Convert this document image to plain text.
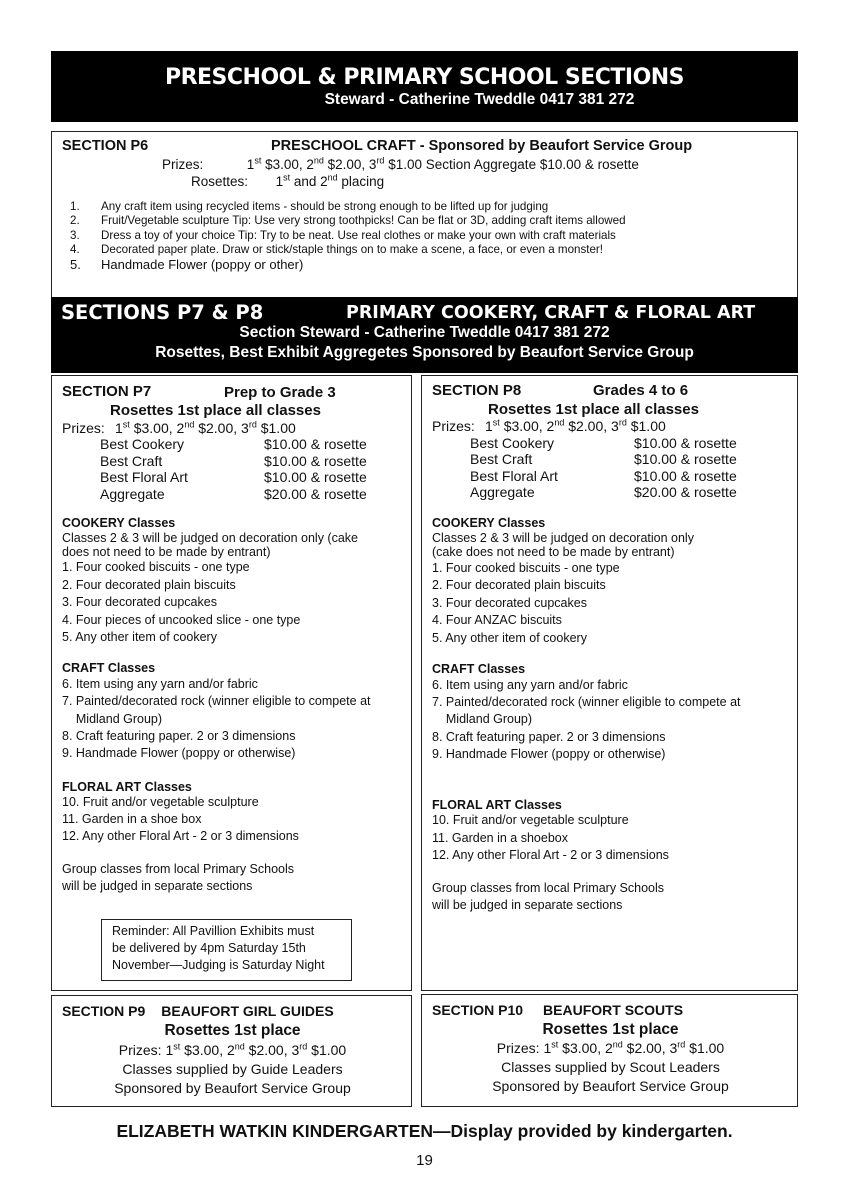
PRESCHOOL & PRIMARY SCHOOL SECTIONS
Steward - Catherine Tweddle 0417 381 272
SECTION P6	PRESCHOOL CRAFT - Sponsored by Beaufort Service Group
Prizes:	1st $3.00, 2nd $2.00, 3rd $1.00 Section Aggregate $10.00 & rosette
Rosettes: 1st and 2nd placing
1.	Any craft item using recycled items - should be strong enough to be lifted up for judging
2.	Fruit/Vegetable sculpture Tip: Use very strong toothpicks! Can be flat or 3D, adding craft items allowed
3.	Dress a toy of your choice Tip: Try to be neat. Use real clothes or make your own with craft materials
4.	Decorated paper plate. Draw or stick/staple things on to make a scene, a face, or even a monster!
5.	Handmade Flower (poppy or other)
SECTIONS P7 & P8	PRIMARY COOKERY, CRAFT & FLORAL ART
Section Steward - Catherine Tweddle 0417 381 272
Rosettes, Best Exhibit Aggregetes Sponsored by Beaufort Service Group
SECTION P7	Prep to Grade 3
Rosettes 1st place all classes
Prizes: 1st $3.00, 2nd $2.00, 3rd $1.00
Best Cookery	$10.00 & rosette
Best Craft	$10.00 & rosette
Best Floral Art	$10.00 & rosette
Aggregate	$20.00 & rosette
COOKERY Classes
Classes 2 & 3 will be judged on decoration only (cake
does not need to be made by entrant)
1. Four cooked biscuits - one type
2. Four decorated plain biscuits
3. Four decorated cupcakes
4. Four pieces of uncooked slice - one type
5. Any other item of cookery
CRAFT Classes
6. Item using any yarn and/or fabric
7. Painted/decorated rock (winner eligible to compete at
Midland Group)
8. Craft featuring paper. 2 or 3 dimensions
9. Handmade Flower (poppy or otherwise)
FLORAL ART Classes
10. Fruit and/or vegetable sculpture
11. Garden in a shoe box
12. Any other Floral Art - 2 or 3 dimensions
Group classes from local Primary Schools
will be judged in separate sections
Reminder: All Pavillion Exhibits must
be delivered by 4pm Saturday 15th
November—Judging is Saturday Night
SECTION P8	Grades 4 to 6
Rosettes 1st place all classes
Prizes: 1st $3.00, 2nd $2.00, 3rd $1.00
Best Cookery	$10.00 & rosette
Best Craft	$10.00 & rosette
Best Floral Art	$10.00 & rosette
Aggregate	$20.00 & rosette
COOKERY Classes
Classes 2 & 3 will be judged on decoration only
(cake does not need to be made by entrant)
1. Four cooked biscuits - one type
2. Four decorated plain biscuits
3. Four decorated cupcakes
4. Four ANZAC biscuits
5. Any other item of cookery
CRAFT Classes
6. Item using any yarn and/or fabric
7. Painted/decorated rock (winner eligible to compete at
Midland Group)
8. Craft featuring paper. 2 or 3 dimensions
9. Handmade Flower (poppy or otherwise)
FLORAL ART Classes
10. Fruit and/or vegetable sculpture
11. Garden in a shoebox
12. Any other Floral Art - 2 or 3 dimensions
Group classes from local Primary Schools
will be judged in separate sections
SECTION P9 BEAUFORT GIRL GUIDES
Rosettes 1st place
Prizes: 1st $3.00, 2nd $2.00, 3rd $1.00
Classes supplied by Guide Leaders
Sponsored by Beaufort Service Group
SECTION P10 BEAUFORT SCOUTS
Rosettes 1st place
Prizes: 1st $3.00, 2nd $2.00, 3rd $1.00
Classes supplied by Scout Leaders
Sponsored by Beaufort Service Group
ELIZABETH WATKIN KINDERGARTEN—Display provided by kindergarten.
19
